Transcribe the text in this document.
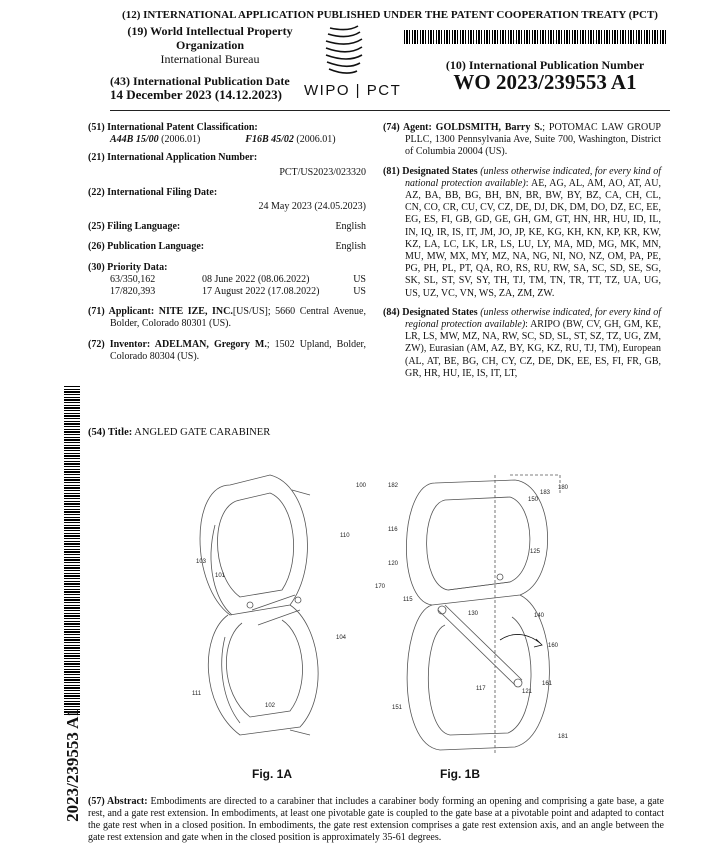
(12) INTERNATIONAL APPLICATION PUBLISHED UNDER THE PATENT COOPERATION TREATY (PCT)
(19) World Intellectual Property
Organization
International Bureau
WIPO | PCT
(43) International Publication Date
14 December 2023 (14.12.2023)
(10) International Publication Number
WO 2023/239553 A1
(51) International Patent Classification:
A44B 15/00 (2006.01)	F16B 45/02 (2006.01)
(21) International Application Number:
PCT/US2023/023320
(22) International Filing Date:
24 May 2023 (24.05.2023)
(25) Filing Language:	English
(26) Publication Language:	English
(30) Priority Data:
63/350,162	08 June 2022 (08.06.2022)	US
17/820,393	17 August 2022 (17.08.2022)	US
(71) Applicant: NITE IZE, INC.[US/US]; 5660 Central Avenue, Bolder, Colorado 80301 (US).
(72) Inventor: ADELMAN, Gregory M.; 1502 Upland, Bolder, Colorado 80304 (US).
(74) Agent: GOLDSMITH, Barry S.; POTOMAC LAW GROUP PLLC, 1300 Pennsylvania Ave, Suite 700, Washington, District of Columbia 20004 (US).
(81) Designated States (unless otherwise indicated, for every kind of national protection available): AE, AG, AL, AM, AO, AT, AU, AZ, BA, BB, BG, BH, BN, BR, BW, BY, BZ, CA, CH, CL, CN, CO, CR, CU, CV, CZ, DE, DJ, DK, DM, DO, DZ, EC, EE, EG, ES, FI, GB, GD, GE, GH, GM, GT, HN, HR, HU, ID, IL, IN, IQ, IR, IS, IT, JM, JO, JP, KE, KG, KH, KN, KP, KR, KW, KZ, LA, LC, LK, LR, LS, LU, LY, MA, MD, MG, MK, MN, MU, MW, MX, MY, MZ, NA, NG, NI, NO, NZ, OM, PA, PE, PG, PH, PL, PT, QA, RO, RS, RU, RW, SA, SC, SD, SE, SG, SK, SL, ST, SV, SY, TH, TJ, TM, TN, TR, TT, TZ, UA, UG, US, UZ, VC, VN, WS, ZA, ZM, ZW.
(84) Designated States (unless otherwise indicated, for every kind of regional protection available): ARIPO (BW, CV, GH, GM, KE, LR, LS, MW, MZ, NA, RW, SC, SD, SL, ST, SZ, TZ, UG, ZM, ZW), Eurasian (AM, AZ, BY, KG, KZ, RU, TJ, TM), European (AL, AT, BE, BG, CH, CY, CZ, DE, DK, EE, ES, FI, FR, GB, GR, HR, HU, IE, IS, IT, LT,
2023/239553 A1
(54) Title: ANGLED GATE CARABINER
100
110
103
101
104
111
102
182	180
183
150
116
125
120
170
115
130	140
160
161
117	121
151
181
Fig. 1A	Fig. 1B
(57) Abstract: Embodiments are directed to a carabiner that includes a carabiner body forming an opening and comprising a gate base, a gate rest, and a gate rest extension. In embodiments, at least one pivotable gate is coupled to the gate base at a pivotable point and adapted to contact the gate rest when in a closed position. In embodiments, the gate rest extension comprises a gate rest extension axis, and an angle between the gate rest extension and gate when in the closed position is approximately 35-61 degrees.
